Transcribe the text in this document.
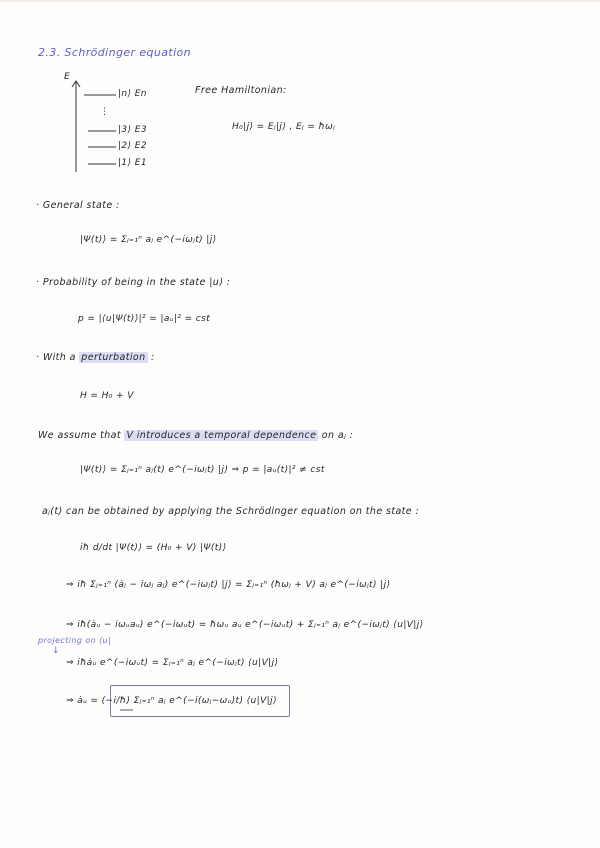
2.3. Schrödinger equation
E
|n⟩ En
⋮
|3⟩ E3
|2⟩ E2
|1⟩ E1
Free Hamiltonian:
H₀|j⟩ = Eⱼ|j⟩ , Eⱼ = ħωⱼ
· General state :
|Ψ(t)⟩ = Σⱼ₌₁ⁿ aⱼ e^(−iωⱼt) |j⟩
· Probability of being in the state |u⟩ :
p = |⟨u|Ψ(t)⟩|² = |aᵤ|² = cst
· With a perturbation :
H = H₀ + V
We assume that V introduces a temporal dependence on aⱼ :
|Ψ(t)⟩ = Σⱼ₌₁ⁿ aⱼ(t) e^(−iωⱼt) |j⟩ ⇒ p = |aᵤ(t)|² ≠ cst
aⱼ(t) can be obtained by applying the Schrödinger equation on the state :
iħ d/dt |Ψ(t)⟩ = (H₀ + V) |Ψ(t)⟩
⇒ iħ Σⱼ₌₁ⁿ (ȧⱼ − iωⱼ aⱼ) e^(−iωⱼt) |j⟩ = Σⱼ₌₁ⁿ (ħωⱼ + V) aⱼ e^(−iωⱼt) |j⟩
⇒ iħ(ȧᵤ − iωᵤaᵤ) e^(−iωᵤt) = ħωᵤ aᵤ e^(−iωᵤt) + Σⱼ₌₁ⁿ aⱼ e^(−iωⱼt) ⟨u|V|j⟩
projecting on ⟨u|
↓
⇒ iħȧᵤ e^(−iωᵤt) = Σⱼ₌₁ⁿ aⱼ e^(−iωⱼt) ⟨u|V|j⟩
⇒ ȧᵤ = (−i/ħ) Σⱼ₌₁ⁿ aⱼ e^(−i(ωⱼ−ωᵤ)t) ⟨u|V|j⟩
